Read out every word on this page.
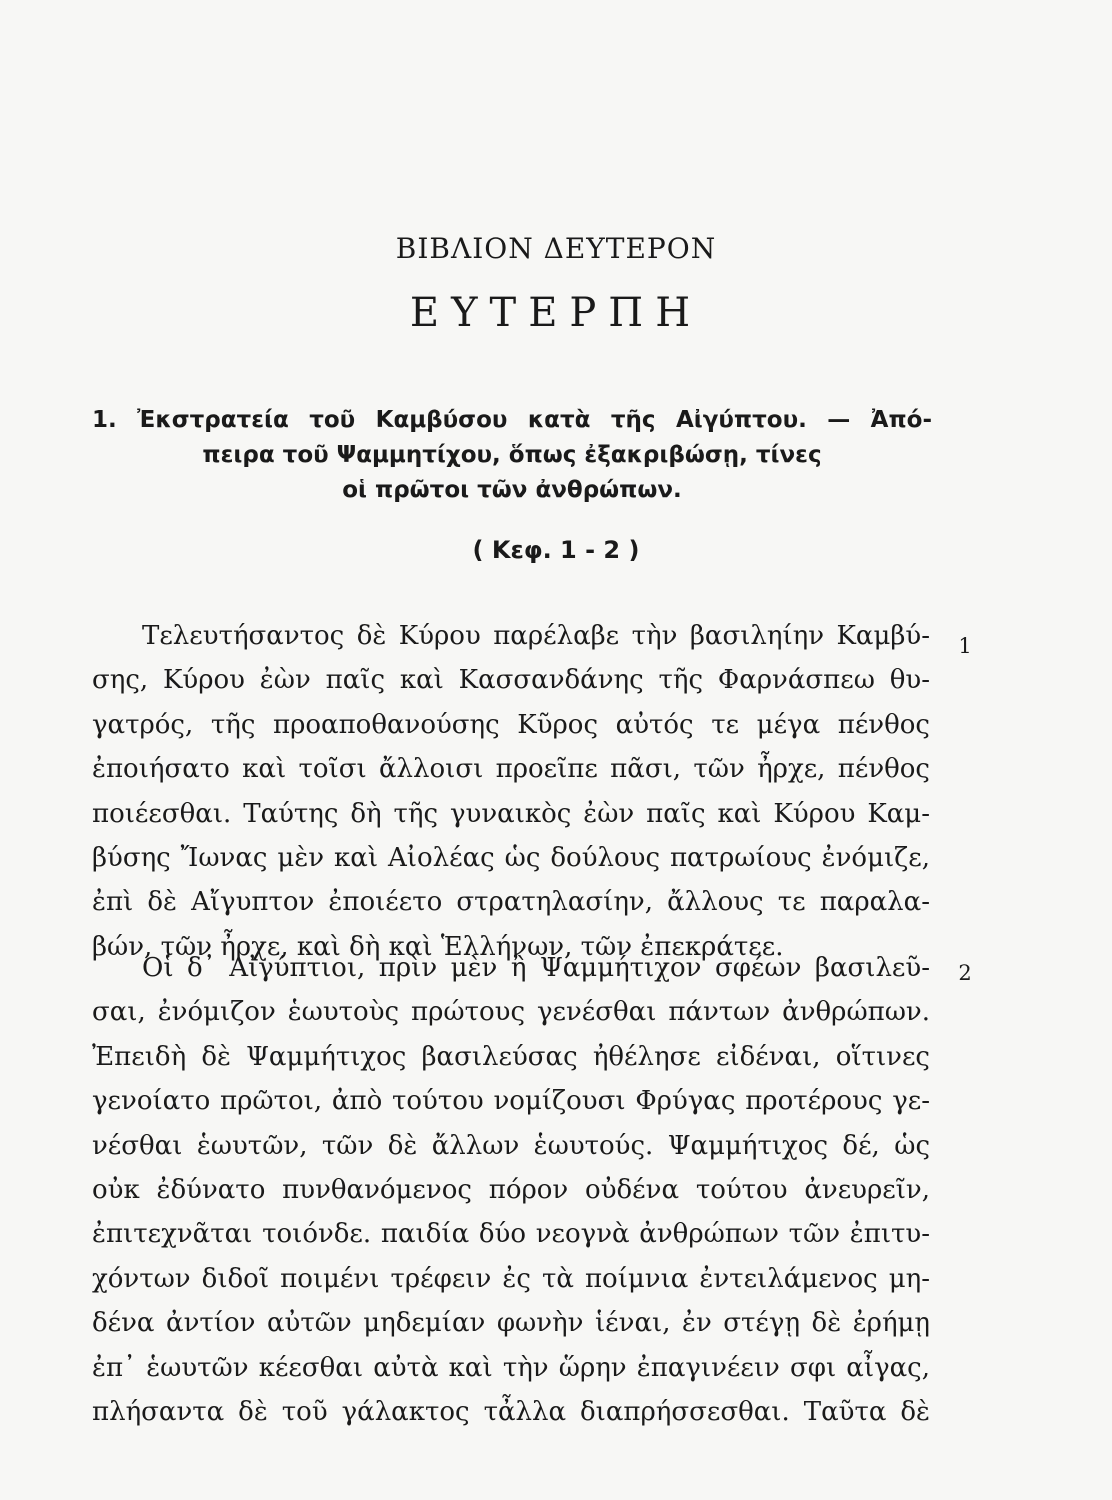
ΒΙΒΛΙΟΝ ΔΕΥΤΕΡΟΝ
ΕΥΤΕΡΠΗ
1. Ἐκστρατεία τοῦ Καμβύσου κατὰ τῆς Αἰγύπτου. — Ἀπό-
πειρα τοῦ Ψαμμητίχου, ὅπως ἐξακριβώσῃ, τίνες
οἱ πρῶτοι τῶν ἀνθρώπων.
( Κεφ. 1 - 2 )
Τελευτήσαντος δὲ Κύρου παρέλαβε τὴν βασιληίην Καμβύ-
σης, Κύρου ἐὼν παῖς καὶ Κασσανδάνης τῆς Φαρνάσπεω θυ-
γατρός, τῆς προαποθανούσης Κῦρος αὐτός τε μέγα πένθος
ἐποιήσατο καὶ τοῖσι ἄλλοισι προεῖπε πᾶσι, τῶν ἦρχε, πένθος
ποιέεσθαι. Ταύτης δὴ τῆς γυναικὸς ἐὼν παῖς καὶ Κύρου Καμ-
βύσης Ἴωνας μὲν καὶ Αἰολέας ὡς δούλους πατρωίους ἐνόμιζε,
ἐπὶ δὲ Αἴγυπτον ἐποιέετο στρατηλασίην, ἄλλους τε παραλα-
βών, τῶν ἦρχε, καὶ δὴ καὶ Ἑλλήνων, τῶν ἐπεκράτεε.
1
Οἱ δ᾽ Αἰγύπτιοι, πρὶν μὲν ἢ Ψαμμήτιχον σφέων βασιλεῦ-
σαι, ἐνόμιζον ἑωυτοὺς πρώτους γενέσθαι πάντων ἀνθρώπων.
Ἐπειδὴ δὲ Ψαμμήτιχος βασιλεύσας ἠθέλησε εἰδέναι, οἵτινες
γενοίατο πρῶτοι, ἀπὸ τούτου νομίζουσι Φρύγας προτέρους γε-
νέσθαι ἑωυτῶν, τῶν δὲ ἄλλων ἑωυτούς. Ψαμμήτιχος δέ, ὡς
οὐκ ἐδύνατο πυνθανόμενος πόρον οὐδένα τούτου ἀνευρεῖν,
ἐπιτεχνᾶται τοιόνδε. παιδία δύο νεογνὰ ἀνθρώπων τῶν ἐπιτυ-
χόντων διδοῖ ποιμένι τρέφειν ἐς τὰ ποίμνια ἐντειλάμενος μη-
δένα ἀντίον αὐτῶν μηδεμίαν φωνὴν ἱέναι, ἐν στέγῃ δὲ ἐρήμῃ
ἐπ᾽ ἑωυτῶν κέεσθαι αὐτὰ καὶ τὴν ὥρην ἐπαγινέειν σφι αἶγας,
πλήσαντα δὲ τοῦ γάλακτος τἆλλα διαπρήσσεσθαι. Ταῦτα δὲ
2
